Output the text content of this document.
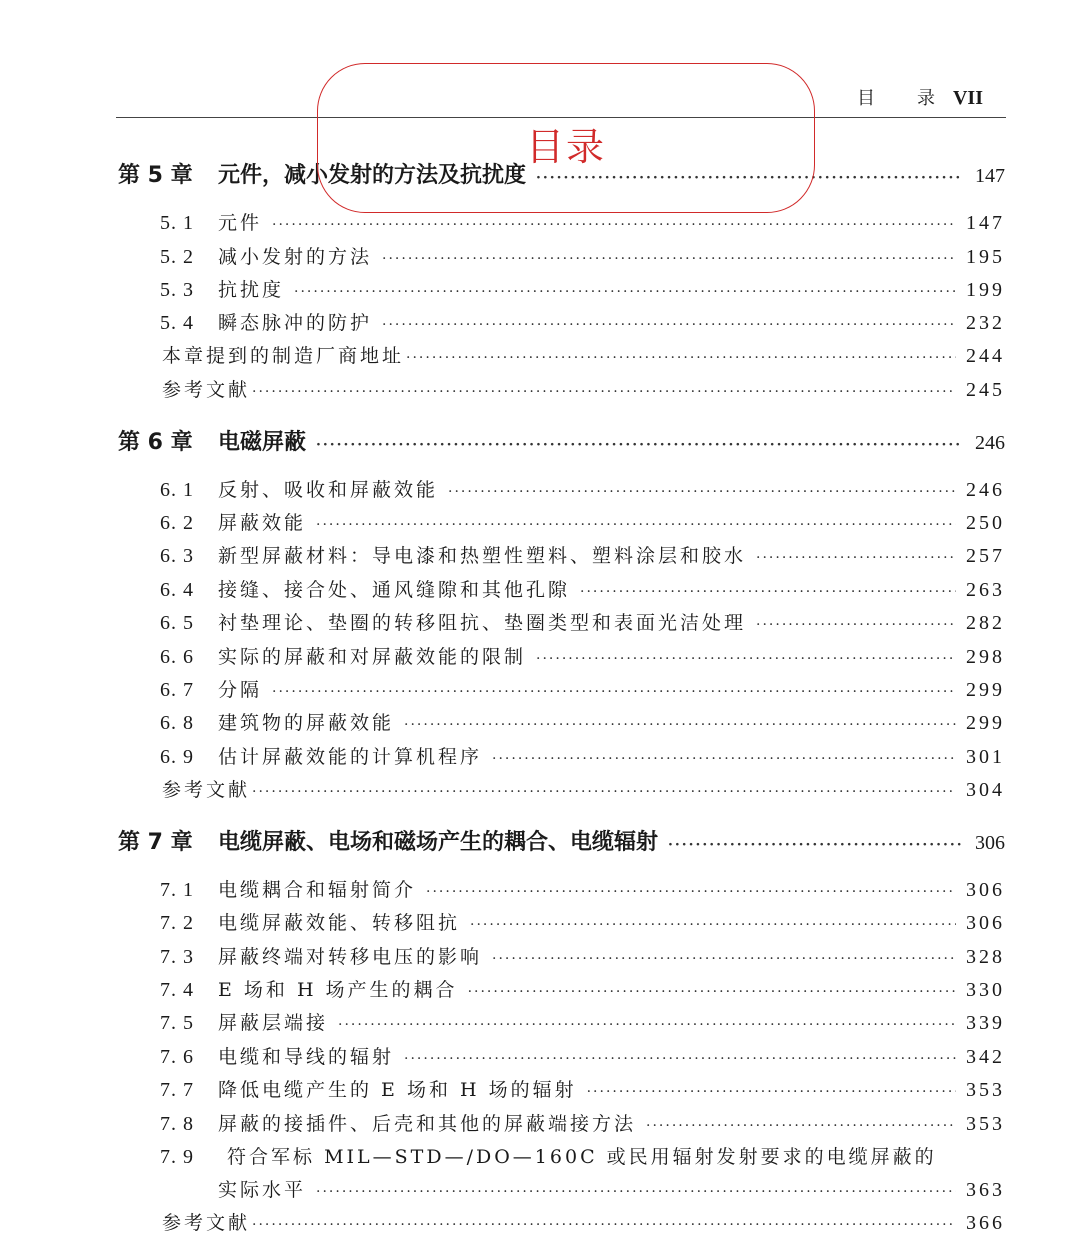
目 录 VII
第 5 章	元件，减小发射的方法及抗扰度 ·····	147
5. 1	元件 ·····	147
5. 2	减小发射的方法 ·····	195
5. 3	抗扰度 ·····	199
5. 4	瞬态脉冲的防护 ·····	232
本章提到的制造厂商地址 ·····	244
参考文献 ·····	245
第 6 章	电磁屏蔽 ·····	246
6. 1	反射、吸收和屏蔽效能 ·····	246
6. 2	屏蔽效能 ·····	250
6. 3	新型屏蔽材料：导电漆和热塑性塑料、塑料涂层和胶水 ·····	257
6. 4	接缝、接合处、通风缝隙和其他孔隙 ·····	263
6. 5	衬垫理论、垫圈的转移阻抗、垫圈类型和表面光洁处理 ·····	282
6. 6	实际的屏蔽和对屏蔽效能的限制 ·····	298
6. 7	分隔 ·····	299
6. 8	建筑物的屏蔽效能 ·····	299
6. 9	估计屏蔽效能的计算机程序 ·····	301
参考文献 ·····	304
第 7 章	电缆屏蔽、电场和磁场产生的耦合、电缆辐射 ·····	306
7. 1	电缆耦合和辐射简介 ·····	306
7. 2	电缆屏蔽效能、转移阻抗 ·····	306
7. 3	屏蔽终端对转移电压的影响 ·····	328
7. 4	E 场和 H 场产生的耦合 ·····	330
7. 5	屏蔽层端接 ·····	339
7. 6	电缆和导线的辐射 ·····	342
7. 7	降低电缆产生的 E 场和 H 场的辐射 ·····	353
7. 8	屏蔽的接插件、后壳和其他的屏蔽端接方法 ·····	353
7. 9 符合军标 MIL—STD—/DO—160C 或民用辐射发射要求的电缆屏蔽的
实际水平 ·····	363
参考文献 ·····	366
目录
